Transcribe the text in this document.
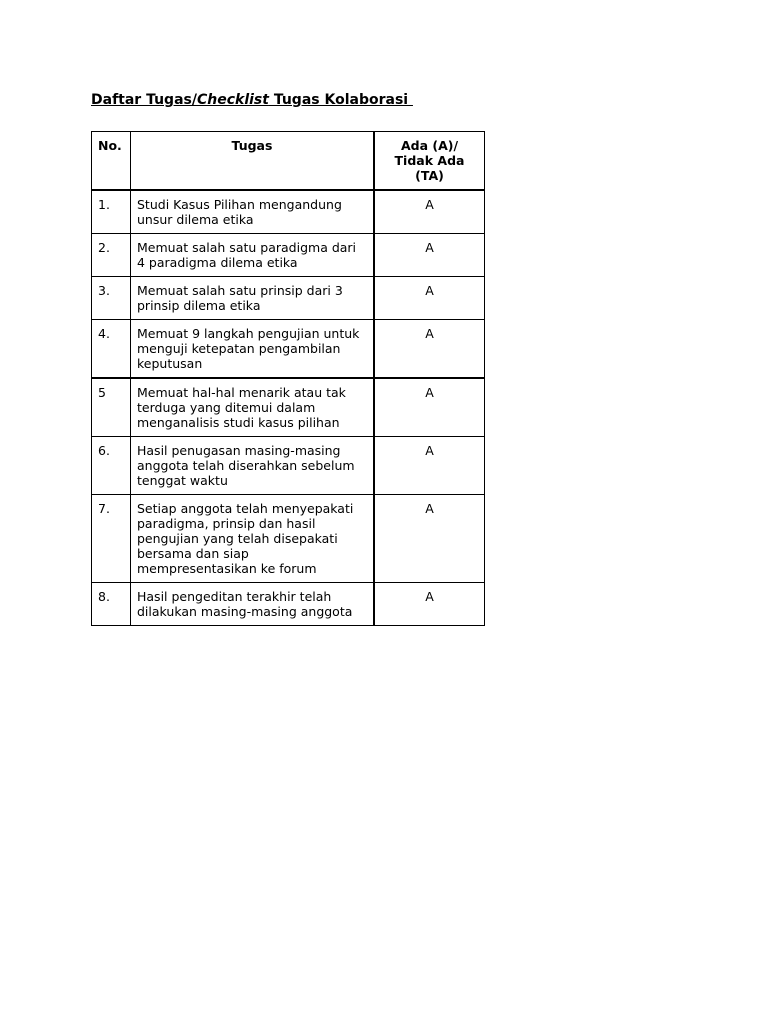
Daftar Tugas/Checklist Tugas Kolaborasi
No.	Tugas	Ada (A)/ Tidak Ada (TA)
1.	Studi Kasus Pilihan mengandung unsur dilema etika	A
2.	Memuat salah satu paradigma dari 4 paradigma dilema etika	A
3.	Memuat salah satu prinsip dari 3 prinsip dilema etika	A
4.	Memuat 9 langkah pengujian untuk menguji ketepatan pengambilan keputusan	A
5	Memuat hal-hal menarik atau tak terduga yang ditemui dalam menganalisis studi kasus pilihan	A
6.	Hasil penugasan masing-masing anggota telah diserahkan sebelum tenggat waktu	A
7.	Setiap anggota telah menyepakati paradigma, prinsip dan hasil pengujian yang telah disepakati bersama dan siap mempresentasikan ke forum	A
8.	Hasil pengeditan terakhir telah dilakukan masing-masing anggota	A
